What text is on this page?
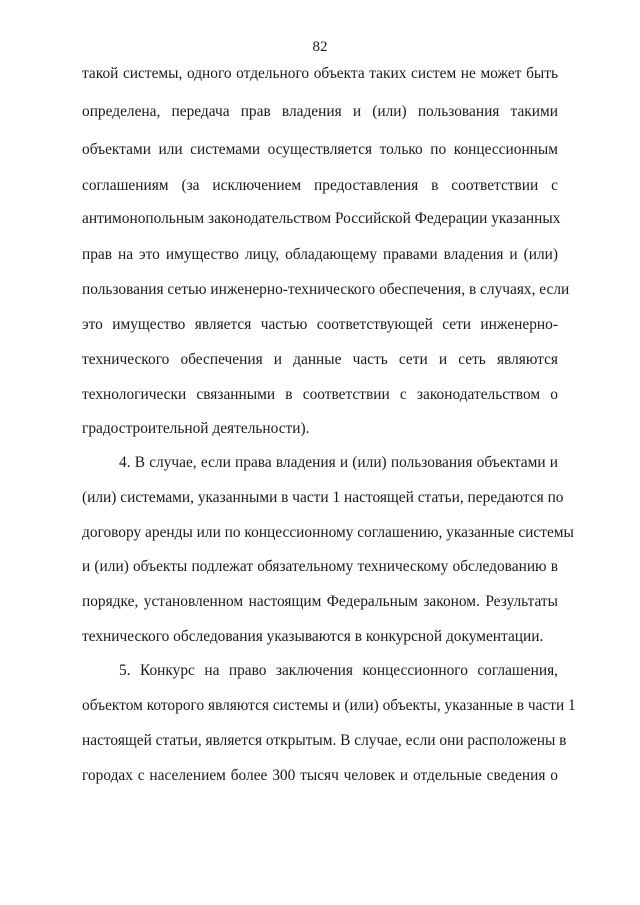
82
такой системы, одного отдельного объекта таких систем не может быть
определена, передача прав владения и (или) пользования такими
объектами или системами осуществляется только по концессионным
соглашениям (за исключением предоставления в соответствии с
антимонопольным законодательством Российской Федерации указанных
прав на это имущество лицу, обладающему правами владения и (или)
пользования сетью инженерно-технического обеспечения, в случаях, если
это имущество является частью соответствующей сети инженерно-
технического обеспечения и данные часть сети и сеть являются
технологически связанными в соответствии с законодательством о
градостроительной деятельности).
4. В случае, если права владения и (или) пользования объектами и
(или) системами, указанными в части 1 настоящей статьи, передаются по
договору аренды или по концессионному соглашению, указанные системы
и (или) объекты подлежат обязательному техническому обследованию в
порядке, установленном настоящим Федеральным законом. Результаты
технического обследования указываются в конкурсной документации.
5. Конкурс на право заключения концессионного соглашения,
объектом которого являются системы и (или) объекты, указанные в части 1
настоящей статьи, является открытым. В случае, если они расположены в
городах с населением более 300 тысяч человек и отдельные сведения о
